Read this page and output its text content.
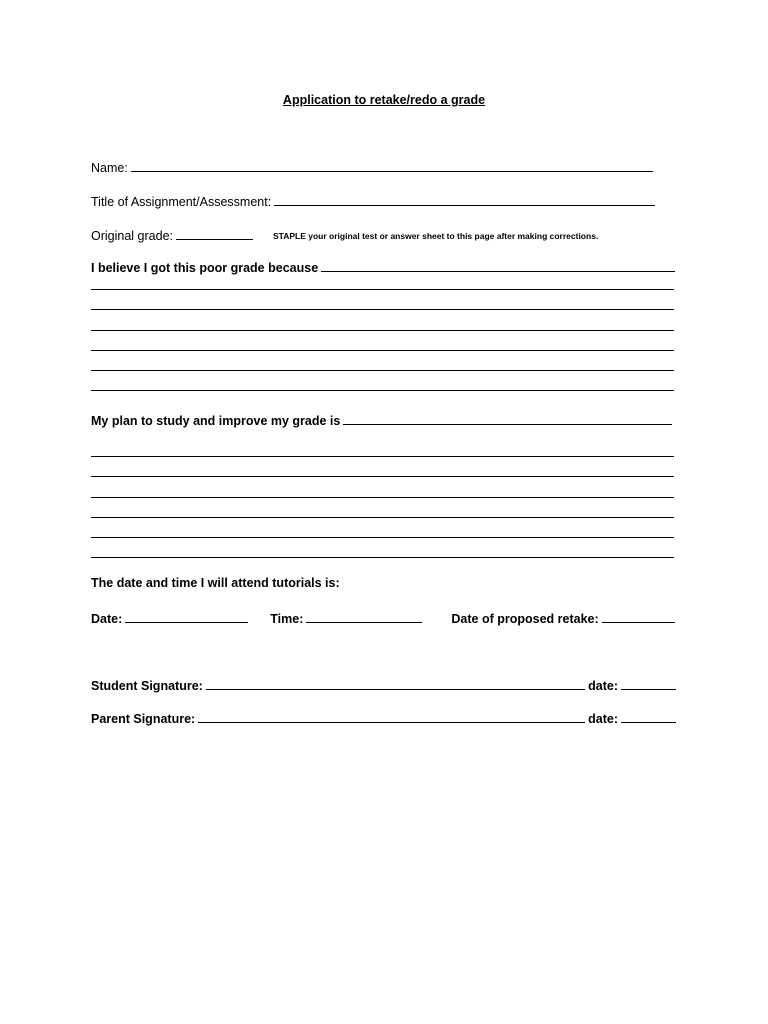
Application to retake/redo a grade
Name:
Title of Assignment/Assessment:
Original grade:	STAPLE your original test or answer sheet to this page after making corrections.
I believe I got this poor grade because
My plan to study and improve my grade is
The date and time I will attend tutorials is:
Date:	Time:	Date of proposed retake:
Student Signature:	date:
Parent Signature:	date:
